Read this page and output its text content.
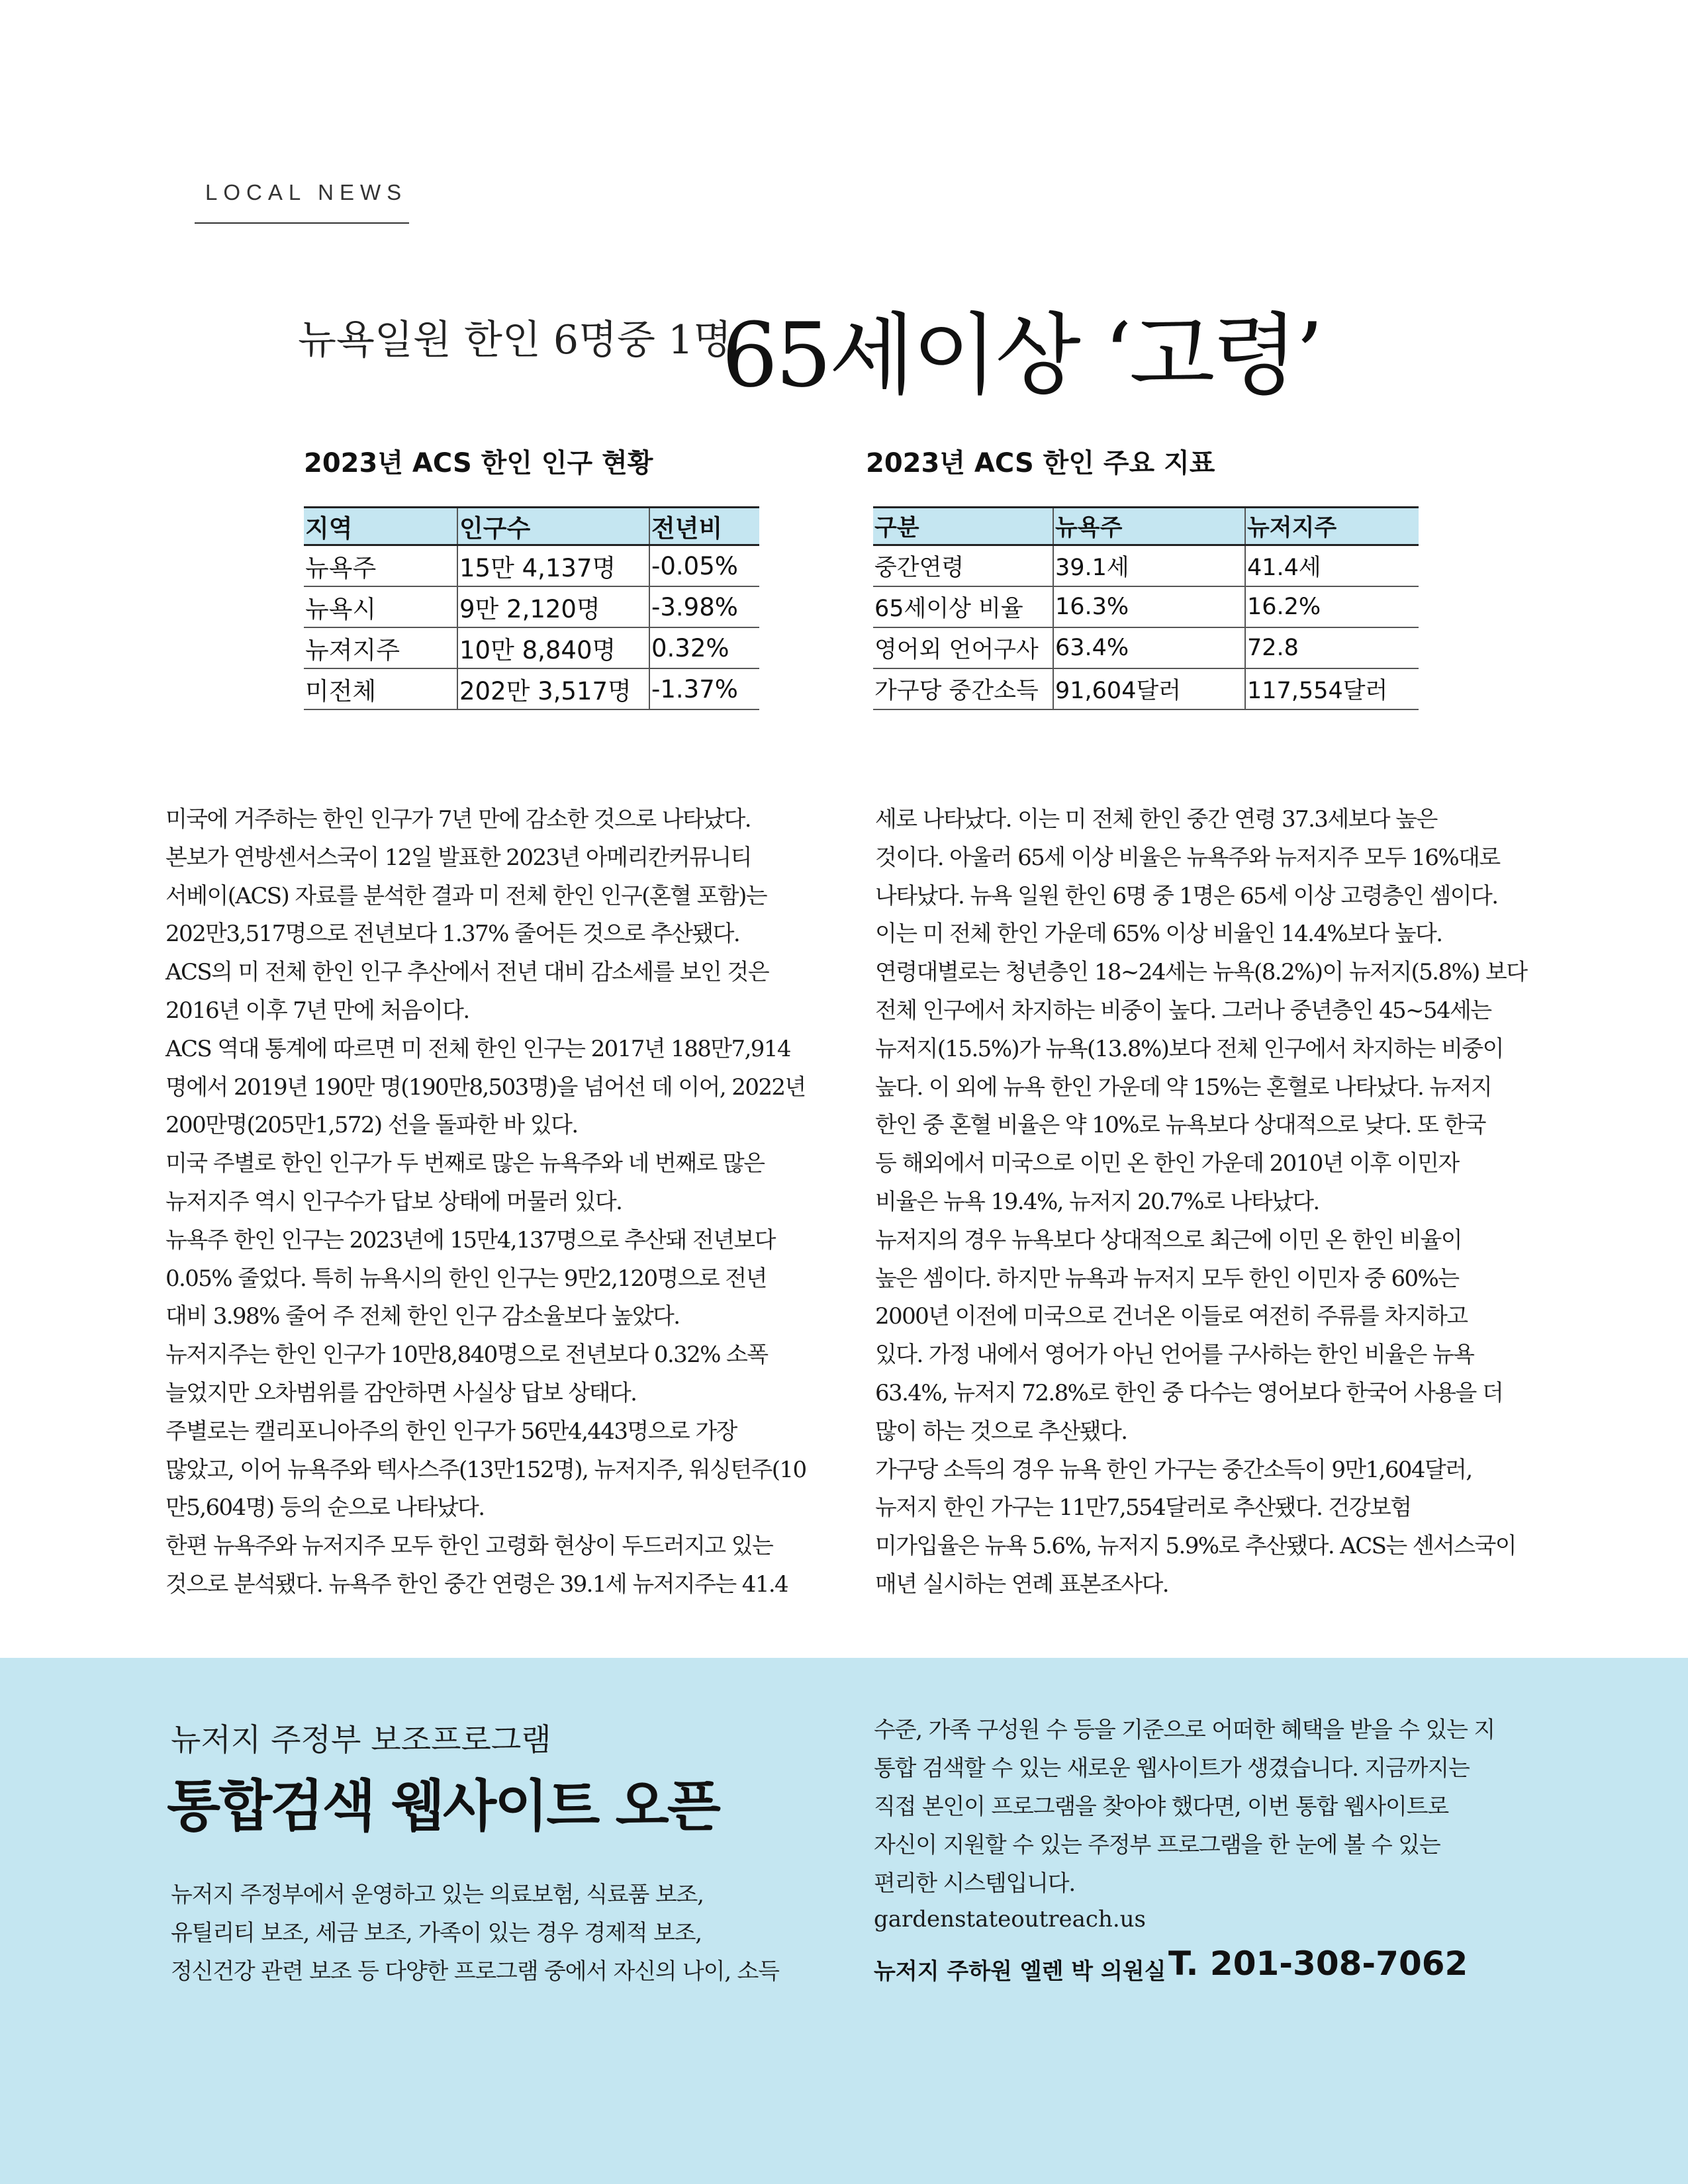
LOCAL NEWS
뉴욕일원 한인 6명중 1명
65세이상 ‘고령’
2023년 ACS 한인 인구 현황
지역	인구수	전년비
뉴욕주	15만 4,137명	-0.05%
뉴욕시	9만 2,120명	-3.98%
뉴져지주	10만 8,840명	0.32%
미전체	202만 3,517명	-1.37%
2023년 ACS 한인 주요 지표
구분	뉴욕주	뉴저지주
중간연령	39.1세	41.4세
65세이상 비율	16.3%	16.2%
영어외 언어구사	63.4%	72.8
가구당 중간소득	91,604달러	117,554달러

미국에 거주하는 한인 인구가 7년 만에 감소한 것으로 나타났다.

본보가 연방센서스국이 12일 발표한 2023년 아메리칸커뮤니티

서베이(ACS) 자료를 분석한 결과 미 전체 한인 인구(혼혈 포함)는

202만3,517명으로 전년보다 1.37% 줄어든 것으로 추산됐다.

ACS의 미 전체 한인 인구 추산에서 전년 대비 감소세를 보인 것은

2016년 이후 7년 만에 처음이다.

ACS 역대 통계에 따르면 미 전체 한인 인구는 2017년 188만7,914

명에서 2019년 190만 명(190만8,503명)을 넘어선 데 이어, 2022년

200만명(205만1,572) 선을 돌파한 바 있다.

미국 주별로 한인 인구가 두 번째로 많은 뉴욕주와 네 번째로 많은

뉴저지주 역시 인구수가 답보 상태에 머물러 있다.

뉴욕주 한인 인구는 2023년에 15만4,137명으로 추산돼 전년보다

0.05% 줄었다. 특히 뉴욕시의 한인 인구는 9만2,120명으로 전년

대비 3.98% 줄어 주 전체 한인 인구 감소율보다 높았다.

뉴저지주는 한인 인구가 10만8,840명으로 전년보다 0.32% 소폭

늘었지만 오차범위를 감안하면 사실상 답보 상태다.

주별로는 캘리포니아주의 한인 인구가 56만4,443명으로 가장

많았고, 이어 뉴욕주와 텍사스주(13만152명), 뉴저지주, 워싱턴주(10

만5,604명) 등의 순으로 나타났다.

한편 뉴욕주와 뉴저지주 모두 한인 고령화 현상이 두드러지고 있는

것으로 분석됐다. 뉴욕주 한인 중간 연령은 39.1세 뉴저지주는 41.4

세로 나타났다. 이는 미 전체 한인 중간 연령 37.3세보다 높은

것이다. 아울러 65세 이상 비율은 뉴욕주와 뉴저지주 모두 16%대로

나타났다. 뉴욕 일원 한인 6명 중 1명은 65세 이상 고령층인 셈이다.

이는 미 전체 한인 가운데 65% 이상 비율인 14.4%보다 높다.

연령대별로는 청년층인 18~24세는 뉴욕(8.2%)이 뉴저지(5.8%) 보다

전체 인구에서 차지하는 비중이 높다. 그러나 중년층인 45~54세는

뉴저지(15.5%)가 뉴욕(13.8%)보다 전체 인구에서 차지하는 비중이

높다. 이 외에 뉴욕 한인 가운데 약 15%는 혼혈로 나타났다. 뉴저지

한인 중 혼혈 비율은 약 10%로 뉴욕보다 상대적으로 낮다. 또 한국

등 해외에서 미국으로 이민 온 한인 가운데 2010년 이후 이민자

비율은 뉴욕 19.4%, 뉴저지 20.7%로 나타났다.

뉴저지의 경우 뉴욕보다 상대적으로 최근에 이민 온 한인 비율이

높은 셈이다. 하지만 뉴욕과 뉴저지 모두 한인 이민자 중 60%는

2000년 이전에 미국으로 건너온 이들로 여전히 주류를 차지하고

있다. 가정 내에서 영어가 아닌 언어를 구사하는 한인 비율은 뉴욕

63.4%, 뉴저지 72.8%로 한인 중 다수는 영어보다 한국어 사용을 더

많이 하는 것으로 추산됐다.

가구당 소득의 경우 뉴욕 한인 가구는 중간소득이 9만1,604달러,

뉴저지 한인 가구는 11만7,554달러로 추산됐다. 건강보험

미가입율은 뉴욕 5.6%, 뉴저지 5.9%로 추산됐다. ACS는 센서스국이

매년 실시하는 연례 표본조사다.

뉴저지 주정부 보조프로그램
통합검색 웹사이트 오픈

뉴저지 주정부에서 운영하고 있는 의료보험, 식료품 보조,

유틸리티 보조, 세금 보조, 가족이 있는 경우 경제적 보조,

정신건강 관련 보조 등 다양한 프로그램 중에서 자신의 나이, 소득

수준, 가족 구성원 수 등을 기준으로 어떠한 혜택을 받을 수 있는 지

통합 검색할 수 있는 새로운 웹사이트가 생겼습니다. 지금까지는

직접 본인이 프로그램을 찾아야 했다면, 이번 통합 웹사이트로

자신이 지원할 수 있는 주정부 프로그램을 한 눈에 볼 수 있는

편리한 시스템입니다.

gardenstateoutreach.us
뉴저지 주하원 엘렌 박 의원실 T. 201-308-7062
